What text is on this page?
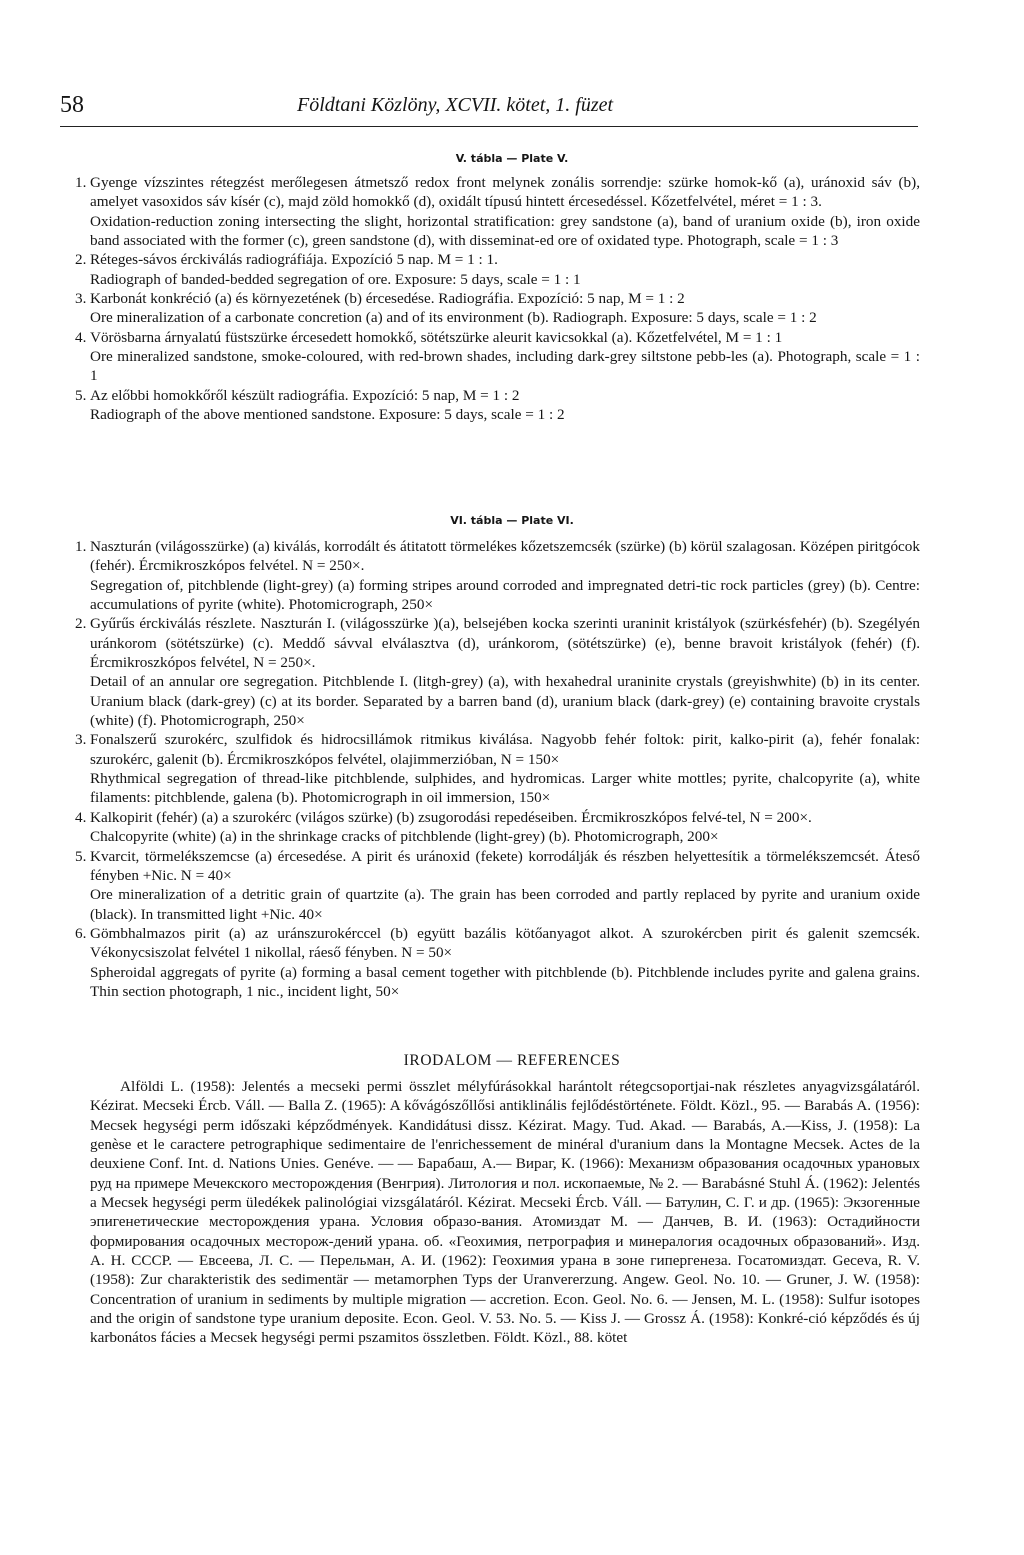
58	Földtani Közlöny, XCVII. kötet, 1. füzet
V. tábla — Plate V.
1. Gyenge vízszintes rétegzést merőlegesen átmetsző redox front melynek zonális sorrendje: szürke homok-kő (a), uránoxid sáv (b), amelyet vasoxidos sáv kísér (c), majd zöld homokkő (d), oxidált típusú hintett ércesedéssel. Kőzetfelvétel, méret = 1 : 3.

Oxidation-reduction zoning intersecting the slight, horizontal stratification: grey sandstone (a), band of uranium oxide (b), iron oxide band associated with the former (c), green sandstone (d), with disseminat-ed ore of oxidated type. Photograph, scale = 1 : 3

2. Réteges-sávos érckiválás radiográfiája. Expozíció 5 nap. M = 1 : 1.

Radiograph of banded-bedded segregation of ore. Exposure: 5 days, scale = 1 : 1

3. Karbonát konkréció (a) és környezetének (b) ércesedése. Radiográfia. Expozíció: 5 nap, M = 1 : 2

Ore mineralization of a carbonate concretion (a) and of its environment (b). Radiograph. Exposure: 5 days, scale = 1 : 2

4. Vörösbarna árnyalatú füstszürke ércesedett homokkő, sötétszürke aleurit kavicsokkal (a). Kőzetfelvétel, M = 1 : 1

Ore mineralized sandstone, smoke-coloured, with red-brown shades, including dark-grey siltstone pebb-les (a). Photograph, scale = 1 : 1

5. Az előbbi homokkőről készült radiográfia. Expozíció: 5 nap, M = 1 : 2

Radiograph of the above mentioned sandstone. Exposure: 5 days, scale = 1 : 2

VI. tábla — Plate VI.
1. Naszturán (világosszürke) (a) kiválás, korrodált és átitatott törmelékes kőzetszemcsék (szürke) (b) körül szalagosan. Középen piritgócok (fehér). Ércmikroszkópos felvétel. N = 250×.

Segregation of, pitchblende (light-grey) (a) forming stripes around corroded and impregnated detri-tic rock particles (grey) (b). Centre: accumulations of pyrite (white). Photomicrograph, 250×

2. Gyűrűs érckiválás részlete. Naszturán I. (világosszürke )(a), belsejében kocka szerinti uraninit kristályok (szürkésfehér) (b). Szegélyén uránkorom (sötétszürke) (c). Meddő sávval elválasztva (d), uránkorom, (sötétszürke) (e), benne bravoit kristályok (fehér) (f). Ércmikroszkópos felvétel, N = 250×.

Detail of an annular ore segregation. Pitchblende I. (litgh-grey) (a), with hexahedral uraninite crystals (greyishwhite) (b) in its center. Uranium black (dark-grey) (c) at its border. Separated by a barren band (d), uranium black (dark-grey) (e) containing bravoite crystals (white) (f). Photomicrograph, 250×

3. Fonalszerű szurokérc, szulfidok és hidrocsillámok ritmikus kiválása. Nagyobb fehér foltok: pirit, kalko-pirit (a), fehér fonalak: szurokérc, galenit (b). Ércmikroszkópos felvétel, olajimmerzióban, N = 150×

Rhythmical segregation of thread-like pitchblende, sulphides, and hydromicas. Larger white mottles; pyrite, chalcopyrite (a), white filaments: pitchblende, galena (b). Photomicrograph in oil immersion, 150×

4. Kalkopirit (fehér) (a) a szurokérc (világos szürke) (b) zsugorodási repedéseiben. Ércmikroszkópos felvé-tel, N = 200×.

Chalcopyrite (white) (a) in the shrinkage cracks of pitchblende (light-grey) (b). Photomicrograph, 200×

5. Kvarcit, törmelékszemcse (a) ércesedése. A pirit és uránoxid (fekete) korrodálják és részben helyettesítik a törmelékszemcsét. Áteső fényben +Nic. N = 40×

Ore mineralization of a detritic grain of quartzite (a). The grain has been corroded and partly replaced by pyrite and uranium oxide (black). In transmitted light +Nic. 40×

6. Gömbhalmazos pirit (a) az uránszurokérccel (b) együtt bazális kötőanyagot alkot. A szurokércben pirit és galenit szemcsék. Vékonycsiszolat felvétel 1 nikollal, ráeső fényben. N = 50×

Spheroidal aggregats of pyrite (a) forming a basal cement together with pitchblende (b). Pitchblende includes pyrite and galena grains. Thin section photograph, 1 nic., incident light, 50×

IRODALOM — REFERENCES

Alföldi L. (1958): Jelentés a mecseki permi összlet mélyfúrásokkal harántolt rétegcsoportjai-nak részletes anyagvizsgálatáról. Kézirat. Mecseki Ércb. Váll. — Balla Z. (1965): A kővágószőllősi antiklinális fejlődéstörténete. Földt. Közl., 95. — Barabás A. (1956): Mecsek hegységi perm időszaki képződmények. Kandidátusi dissz. Kézirat. Magy. Tud. Akad. — Barabás, A.—Kiss, J. (1958): La genèse et le caractere petrographique sedimentaire de l'enrichessement de minéral d'uranium dans la Montagne Mecsek. Actes de la deuxiene Conf. Int. d. Nations Unies. Genéve. — — Барабаш, А.— Вираг, К. (1966): Механизм образования осадочных урановых руд на примере Мечекского месторождения (Венгрия). Литология и пол. ископаемые, № 2. — Barabásné Stuhl Á. (1962): Jelentés a Mecsek hegységi perm üledékek palinológiai vizsgálatáról. Kézirat. Mecseki Ércb. Váll. — Батулин, С. Г. и др. (1965): Экзогенные эпигенетические месторождения урана. Условия образо-вания. Атомиздат М. — Данчев, В. И. (1963): Остадийности формирования осадочных месторож-дений урана. об. «Геохимия, петрография и минералогия осадочных образований». Изд. А. Н. СССР. — Евсеева, Л. С. — Перельман, А. И. (1962): Геохимия урана в зоне гипергенеза. Госатомиздат. Geceva, R. V. (1958): Zur charakteristik des sedimentär — metamorphen Typs der Uranvererzung. Angew. Geol. No. 10. — Gruner, J. W. (1958): Concentration of uranium in sediments by multiple migration — accretion. Econ. Geol. No. 6. — Jensen, M. L. (1958): Sulfur isotopes and the origin of sandstone type uranium deposite. Econ. Geol. V. 53. No. 5. — Kiss J. — Grossz Á. (1958): Konkré-ció képződés és új karbonátos fácies a Mecsek hegységi permi pszamitos összletben. Földt. Közl., 88. kötet
